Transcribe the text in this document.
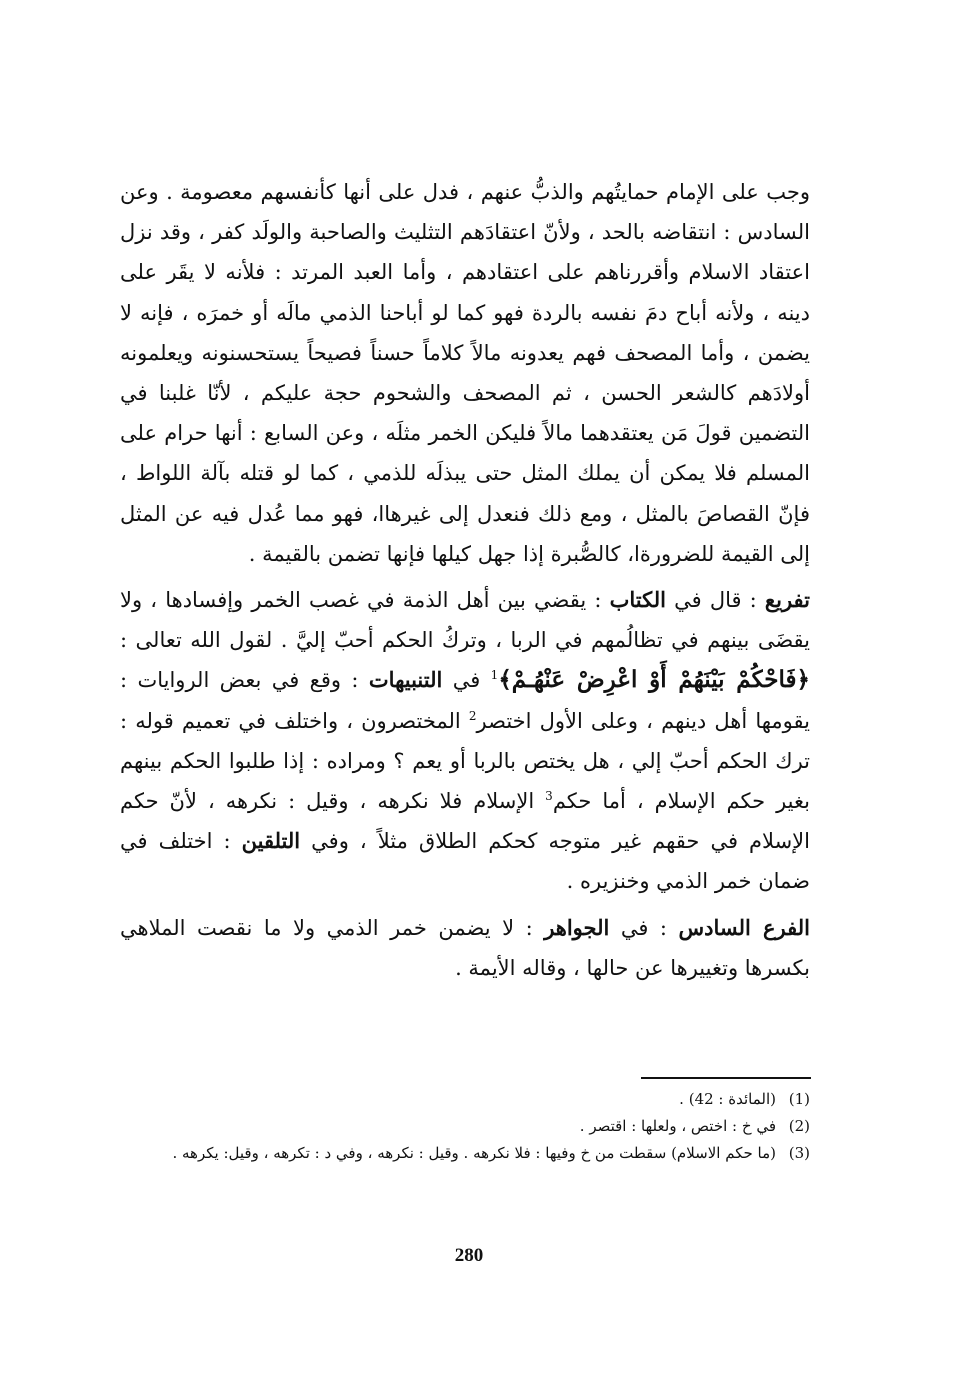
وجب على الإمام حمايتُهم والذبُّ عنهم ، فدل على أنها كأنفسهم معصومة . وعن السادس : انتقاضه بالحد ، ولأنّ اعتقادَهم التثليث والصاحبة والولَد كفر ، وقد نزل اعتقاد الاسلام وأقررناهم على اعتقادهم ، وأما العبد المرتد : فلأنه لا يقَر على دينه ، ولأنه أباح دمَ نفسه بالردة فهو كما لو أباحنا الذمي مالَه أو خمرَه ، فإنه لا يضمن ، وأما المصحف فهم يعدونه مالاً كلاماً حسناً فصيحاً يستحسنونه ويعلمونه أولادَهم كالشعر الحسن ، ثم المصحف والشحوم حجة عليكم ، لأنّا غلبنا في التضمين قولَ مَن يعتقدهما مالاً فليكن الخمر مثلَه ، وعن السابع : أنها حرام على المسلم فلا يمكن أن يملك المثل حتى يبذلَه للذمي ، كما لو قتله بآلة اللواط ، فإنّ القصاصَ بالمثل ، ومع ذلك فنعدل إلى غيرهاا، فهو مما عُدل فيه عن المثل إلى القيمة للضرورةا، كالصُّبرة إذا جهل كيلها فإنها تضمن بالقيمة .

تفريع : قال في الكتاب : يقضي بين أهل الذمة في غصب الخمر وإفسادها ، ولا يقضَى بينهم في تظالُمهم في الربا ، وتركُ الحكم أحبّ إليَّ . لقول الله تعالى : ﴿فَاحْكُمْ بَيْنَهُمْ أَوْ اعْرِضْ عَنْهُـمْ﴾$^1$ في التنبيهات : وقع في بعض الروايات : يقومها أهل دينهم ، وعلى الأول اختصر$^2$ المختصرون ، واختلف في تعميم قوله : ترك الحكم أحبّ إلي ، هل يختص بالربا أو يعم ؟ ومراده : إذا طلبوا الحكم بينهم بغير حكم الإسلام ، أما حكم$^3$ الإسلام فلا نكرهه ، وقيل : نكرهه ، لأنّ حكم الإسلام في حقهم غير متوجه كحكم الطلاق مثلاً ، وفي التلقين : اختلف في ضمان خمر الذمي وخنزيره .

الفرع السادس : في الجواهر : لا يضمن خمر الذمي ولا ما نقصت الملاهي بكسرها وتغييرها عن حالها ، وقاله الأيمة .

(1)
(المائدة : 42) .
(2)
في خ : اختص ، ولعلها : اقتصر .
(3)
(ما حكم الاسلام) سقطت من خ وفيها : فلا نكرهه . وقيل : نكرهه ، وفي د : تكرهه ، وقيل: يكرهه .
280
